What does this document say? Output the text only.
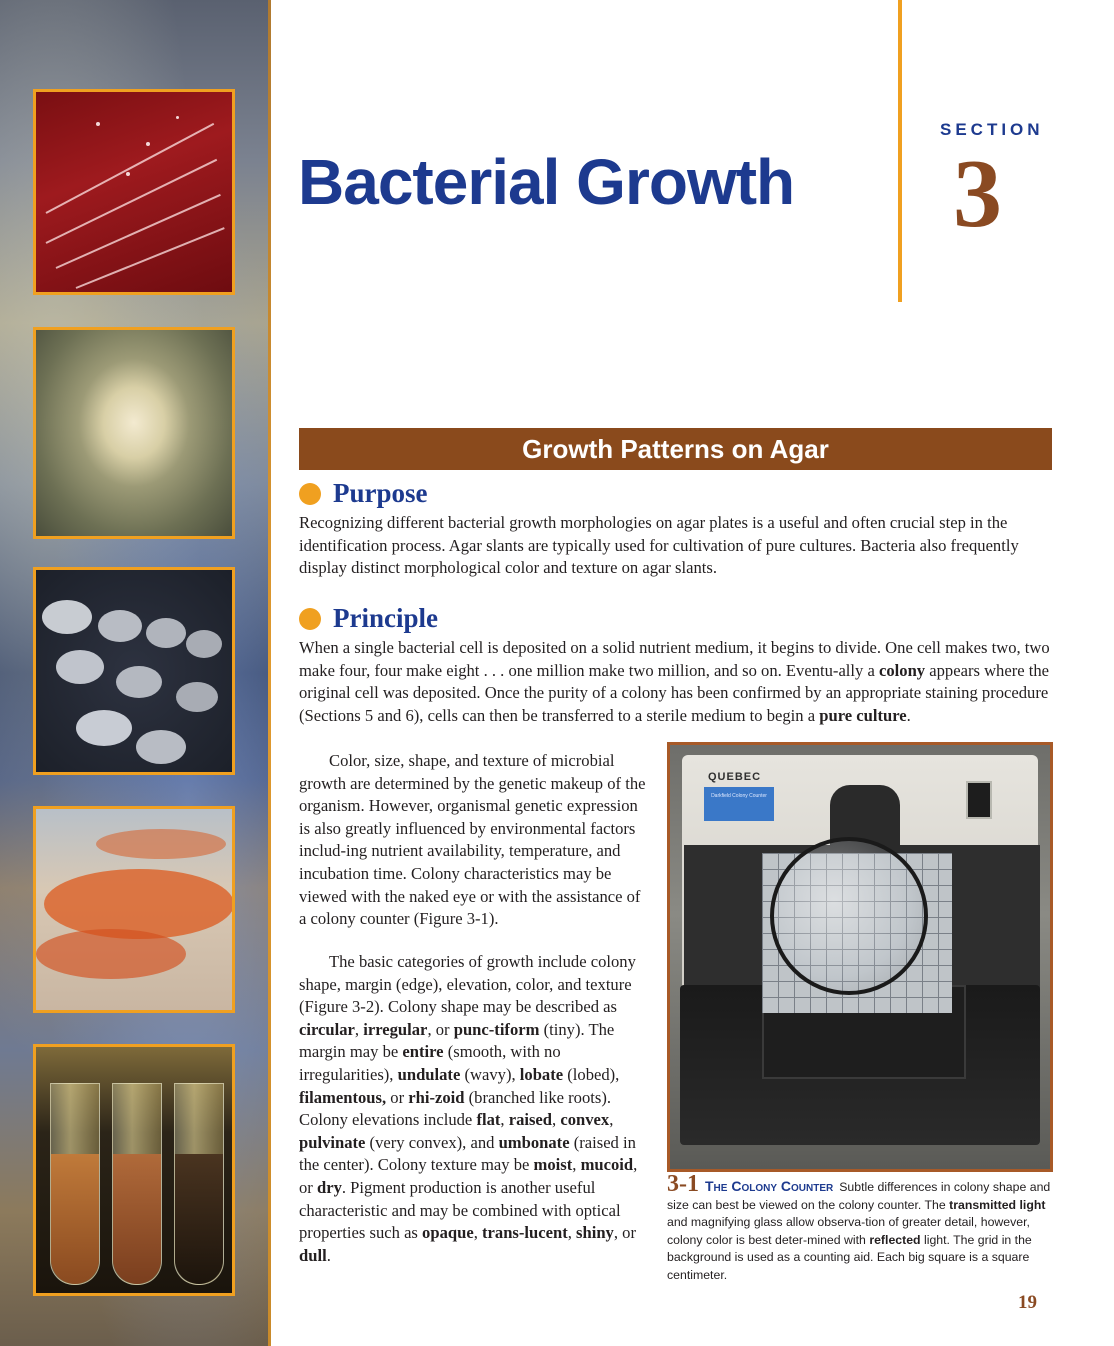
Bacterial Growth
SECTION
3
Growth Patterns on Agar
Purpose

Recognizing different bacterial growth morphologies on agar plates is a useful and often crucial step in the identification process. Agar slants are typically used for cultivation of pure cultures. Bacteria also frequently display distinct morphological color and texture on agar slants.

Principle

When a single bacterial cell is deposited on a solid nutrient medium, it begins to divide. One cell makes two, two make four, four make eight . . . one million make two million, and so on. Eventu-ally a colony appears where the original cell was deposited. Once the purity of a colony has been confirmed by an appropriate staining procedure (Sections 5 and 6), cells can then be transferred to a sterile medium to begin a pure culture.

Color, size, shape, and texture of microbial growth are determined by the genetic makeup of the organism. However, organismal genetic expression is also greatly influenced by environmental factors includ-ing nutrient availability, temperature, and incubation time. Colony characteristics may be viewed with the naked eye or with the assistance of a colony counter (Figure 3-1).

The basic categories of growth include colony shape, margin (edge), elevation, color, and texture (Figure 3-2). Colony shape may be described as circular, irregular, or punc-tiform (tiny). The margin may be entire (smooth, with no irregularities), undulate (wavy), lobate (lobed), filamentous, or rhi-zoid (branched like roots). Colony elevations include flat, raised, convex, pulvinate (very convex), and umbonate (raised in the center). Colony texture may be moist, mucoid, or dry. Pigment production is another useful characteristic and may be combined with optical properties such as opaque, trans-lucent, shiny, or dull.

QUEBEC
Darkfield Colony Counter

3-1 The Colony Counter Subtle differences in colony shape and size can best be viewed on the colony counter. The transmitted light and magnifying glass allow observa-tion of greater detail, however, colony color is best deter-mined with reflected light. The grid in the background is used as a counting aid. Each big square is a square centimeter.

19
